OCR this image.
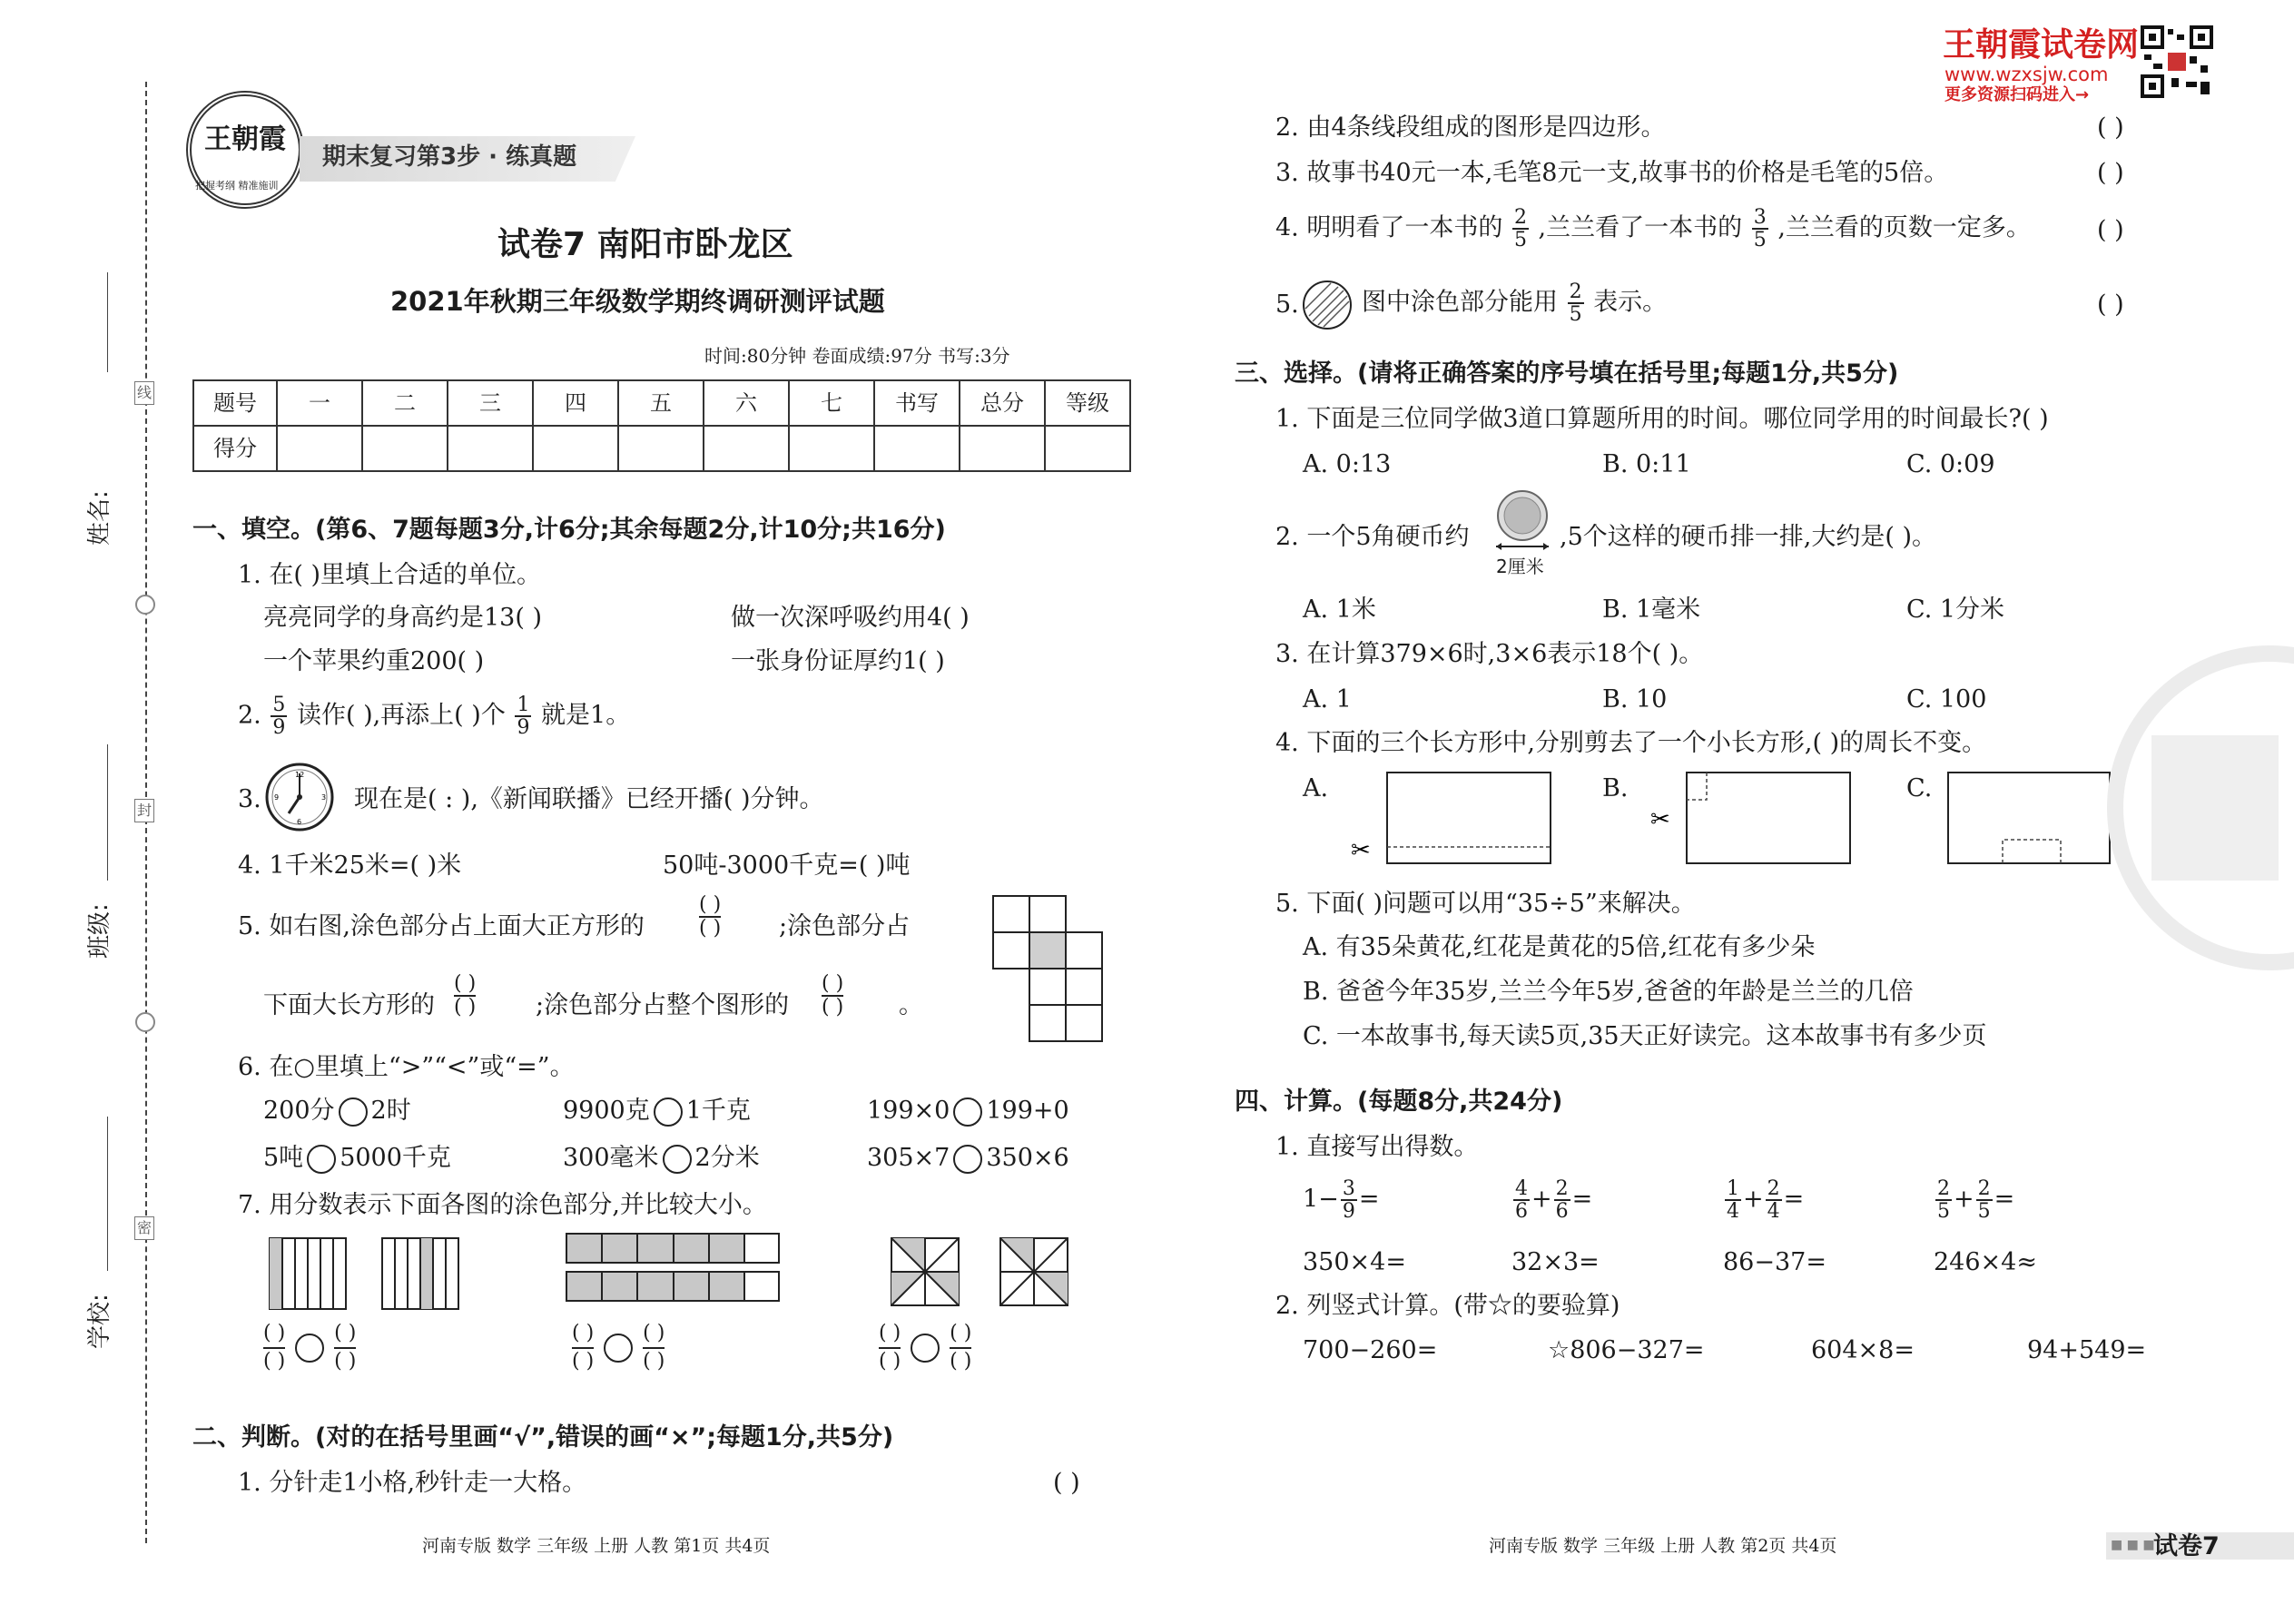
线
封
密
姓名:
班级:
学校:
王朝霞
把握考纲 精准施训
期末复习第3步 · 练真题
王朝霞试卷网
www.wzxsjw.com
更多资源扫码进入→
试卷7 南阳市卧龙区
2021年秋期三年级数学期终调研测评试题
时间:80分钟 卷面成绩:97分 书写:3分
题号	一	二	三	四	五	六	七	书写	总分	等级
得分										
一、填空。(第6、7题每题3分,计6分;其余每题2分,计10分;共16分)
1. 在( )里填上合适的单位。
亮亮同学的身高约是13( )	做一次深呼吸约用4( )
一个苹果约重200( )	一张身份证厚约1( )
2. $\frac{5}{9}$ 读作( ),再添上( )个 $\frac{1}{9}$ 就是1。
3.
12
3
6
9	现在是( : ),《新闻联播》已经开播( )分钟。
4. 1千米25米=( )米	50吨-3000千克=( )吨
5. 如右图,涂色部分占上面大正方形的
( )
( ) ;涂色部分占
下面大长方形的
( )
( ) ;涂色部分占整个图形的
( )
( ) 。
6. 在○里填上“>”“<”或“=”。
200分 2时	9900克 1千克	199×0 199+0
5吨 5000千克	300毫米 2分米	305×7 350×6
7. 用分数表示下面各图的涂色部分,并比较大小。
( )
( )

( )
( )
( )
( )

( )
( )
( )
( )

( )
( )
二、判断。(对的在括号里画“√”,错误的画“×”;每题1分,共5分)
1. 分针走1小格,秒针走一大格。	( )
2. 由4条线段组成的图形是四边形。	( )
3. 故事书40元一本,毛笔8元一支,故事书的价格是毛笔的5倍。	( )
4. 明明看了一本书的 $\frac{2}{5}$ ,兰兰看了一本书的 $\frac{3}{5}$ ,兰兰看的页数一定多。	( )
5.	图中涂色部分能用 $\frac{2}{5}$ 表示。	( )
三、选择。(请将正确答案的序号填在括号里;每题1分,共5分)
1. 下面是三位同学做3道口算题所用的时间。哪位同学用的时间最长?( )
A. 0:13	B. 0:11	C. 0:09
2. 一个5角硬币约
2厘米
,5个这样的硬币排一排,大约是( )。
A. 1米	B. 1毫米	C. 1分米
3. 在计算379×6时,3×6表示18个( )。
A. 1	B. 10	C. 100
4. 下面的三个长方形中,分别剪去了一个小长方形,( )的周长不变。
A.	B.	C.
✂
✂
5. 下面( )问题可以用“35÷5”来解决。
A. 有35朵黄花,红花是黄花的5倍,红花有多少朵
B. 爸爸今年35岁,兰兰今年5岁,爸爸的年龄是兰兰的几倍
C. 一本故事书,每天读5页,35天正好读完。这本故事书有多少页
四、计算。(每题8分,共24分)
1. 直接写出得数。
$1- \frac{3}{9}$ =	$\frac{4}{6} + \frac{2}{6}$ =	$\frac{1}{4} + \frac{2}{4}$ =	$\frac{2}{5} + \frac{2}{5}$ =
350×4=	32×3=	86−37=	246×4≈
2. 列竖式计算。(带☆的要验算)
700−260=	☆806−327=	604×8=	94+549=
河南专版 数学 三年级 上册 人教 第1页 共4页	河南专版 数学 三年级 上册 人教 第2页 共4页	■ ■ ■
试卷7
